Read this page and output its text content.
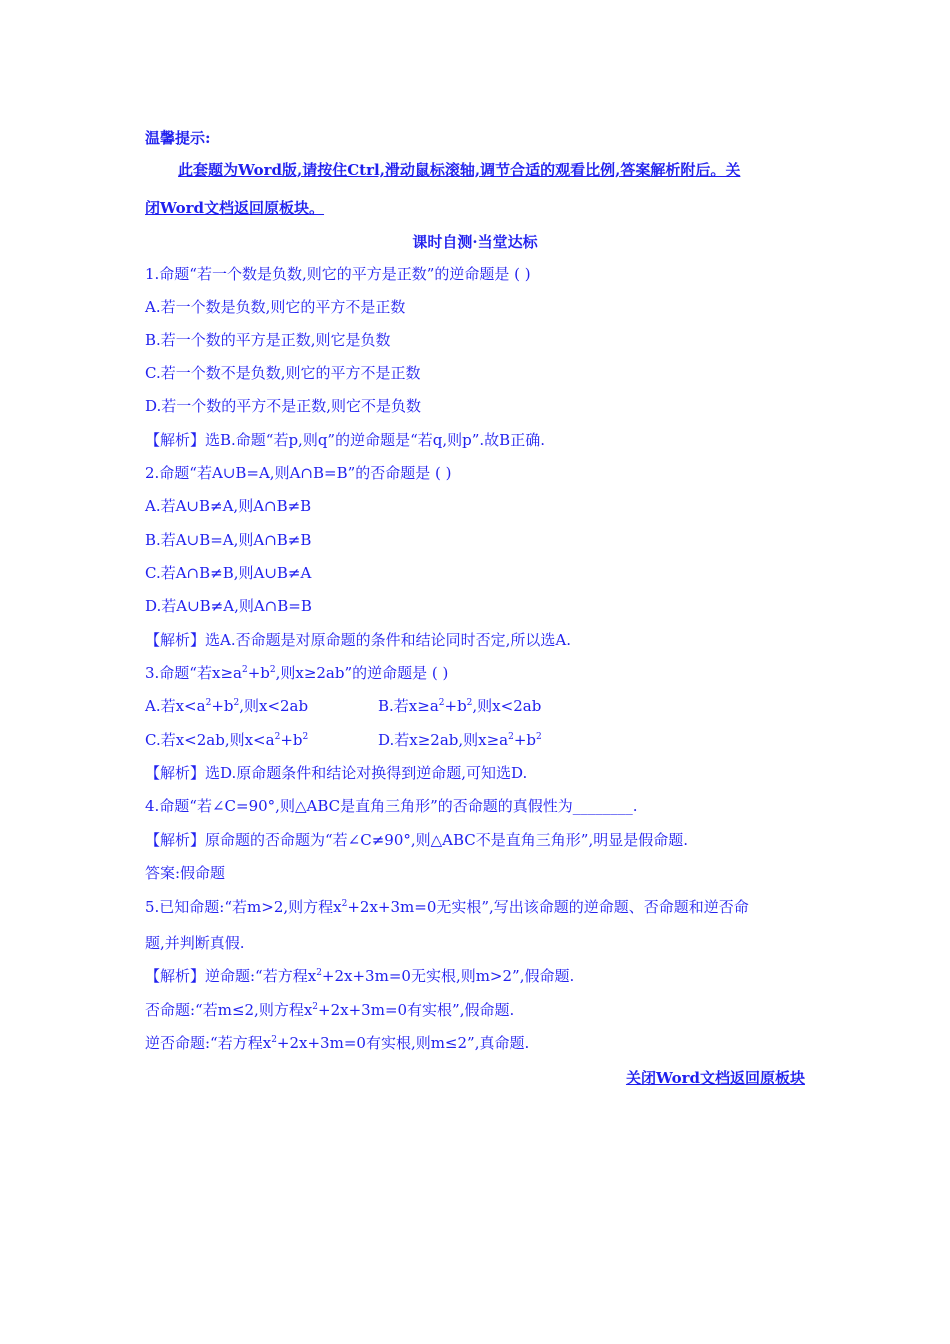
温馨提示:
此套题为Word版,请按住Ctrl,滑动鼠标滚轴,调节合适的观看比例,答案解析附后。关
闭Word文档返回原板块。
课时自测·当堂达标
1.命题“若一个数是负数,则它的平方是正数”的逆命题是 ( )
A.若一个数是负数,则它的平方不是正数
B.若一个数的平方是正数,则它是负数
C.若一个数不是负数,则它的平方不是正数
D.若一个数的平方不是正数,则它不是负数
【解析】选B.命题“若p,则q”的逆命题是“若q,则p”.故B正确.
2.命题“若A∪B=A,则A∩B=B”的否命题是 ( )
A.若A∪B≠A,则A∩B≠B
B.若A∪B=A,则A∩B≠B
C.若A∩B≠B,则A∪B≠A
D.若A∪B≠A,则A∩B=B
【解析】选A.否命题是对原命题的条件和结论同时否定,所以选A.
3.命题“若$x\ge a^2+b^2$,则x≥2ab”的逆命题是 ( )
A.若$x<a^2+b^2$,则x<2ab	B.若$x\ge a^2+b^2$,则x<2ab
C.若x<2ab,则$x<a^2+b^2$	D.若x≥2ab,则$x\ge a^2+b^2$
【解析】选D.原命题条件和结论对换得到逆命题,可知选D.
4.命题“若∠C=90°,则△ABC是直角三角形”的否命题的真假性为________.
【解析】原命题的否命题为“若∠C≠90°,则△ABC不是直角三角形”,明显是假命题.
答案:假命题
5.已知命题:“若m>2,则方程$x^2+2x+3m=0$无实根”,写出该命题的逆命题、否命题和逆否命
题,并判断真假.
【解析】逆命题:“若方程$x^2+2x+3m=0$无实根,则m>2”,假命题.
否命题:“若m≤2,则方程$x^2+2x+3m=0$有实根”,假命题.
逆否命题:“若方程$x^2+2x+3m=0$有实根,则m≤2”,真命题.
关闭Word文档返回原板块
